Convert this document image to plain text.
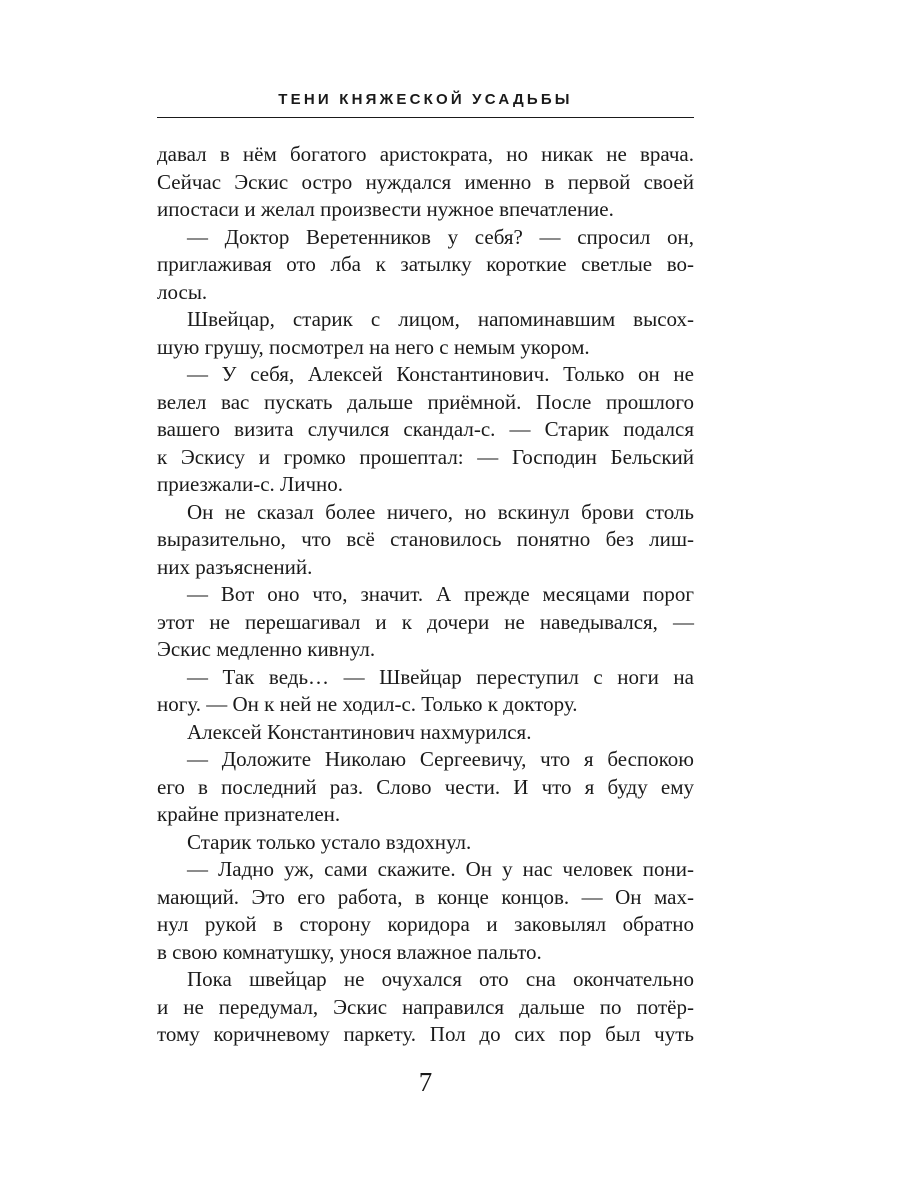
ТЕНИ КНЯЖЕСКОЙ УСАДЬБЫ
давал в нём богатого аристократа, но никак не врача.
Сейчас Эскис остро нуждался именно в первой своей
ипостаси и желал произвести нужное впечатление.
— Доктор Веретенников у себя? — спросил он,
приглаживая ото лба к затылку короткие светлые во-
лосы.
Швейцар, старик с лицом, напоминавшим высох-
шую грушу, посмотрел на него с немым укором.
— У себя, Алексей Константинович. Только он не
велел вас пускать дальше приёмной. После прошлого
вашего визита случился скандал-с. — Старик подался
к Эскису и громко прошептал: — Господин Бельский
приезжали-с. Лично.
Он не сказал более ничего, но вскинул брови столь
выразительно, что всё становилось понятно без лиш-
них разъяснений.
— Вот оно что, значит. А прежде месяцами порог
этот не перешагивал и к дочери не наведывался, —
Эскис медленно кивнул.
— Так ведь… — Швейцар переступил с ноги на
ногу. — Он к ней не ходил-с. Только к доктору.
Алексей Константинович нахмурился.
— Доложите Николаю Сергеевичу, что я беспокою
его в последний раз. Слово чести. И что я буду ему
крайне признателен.
Старик только устало вздохнул.
— Ладно уж, сами скажите. Он у нас человек пони-
мающий. Это его работа, в конце концов. — Он мах-
нул рукой в сторону коридора и заковылял обратно
в свою комнатушку, унося влажное пальто.
Пока швейцар не очухался ото сна окончательно
и не передумал, Эскис направился дальше по потёр-
тому коричневому паркету. Пол до сих пор был чуть
7
